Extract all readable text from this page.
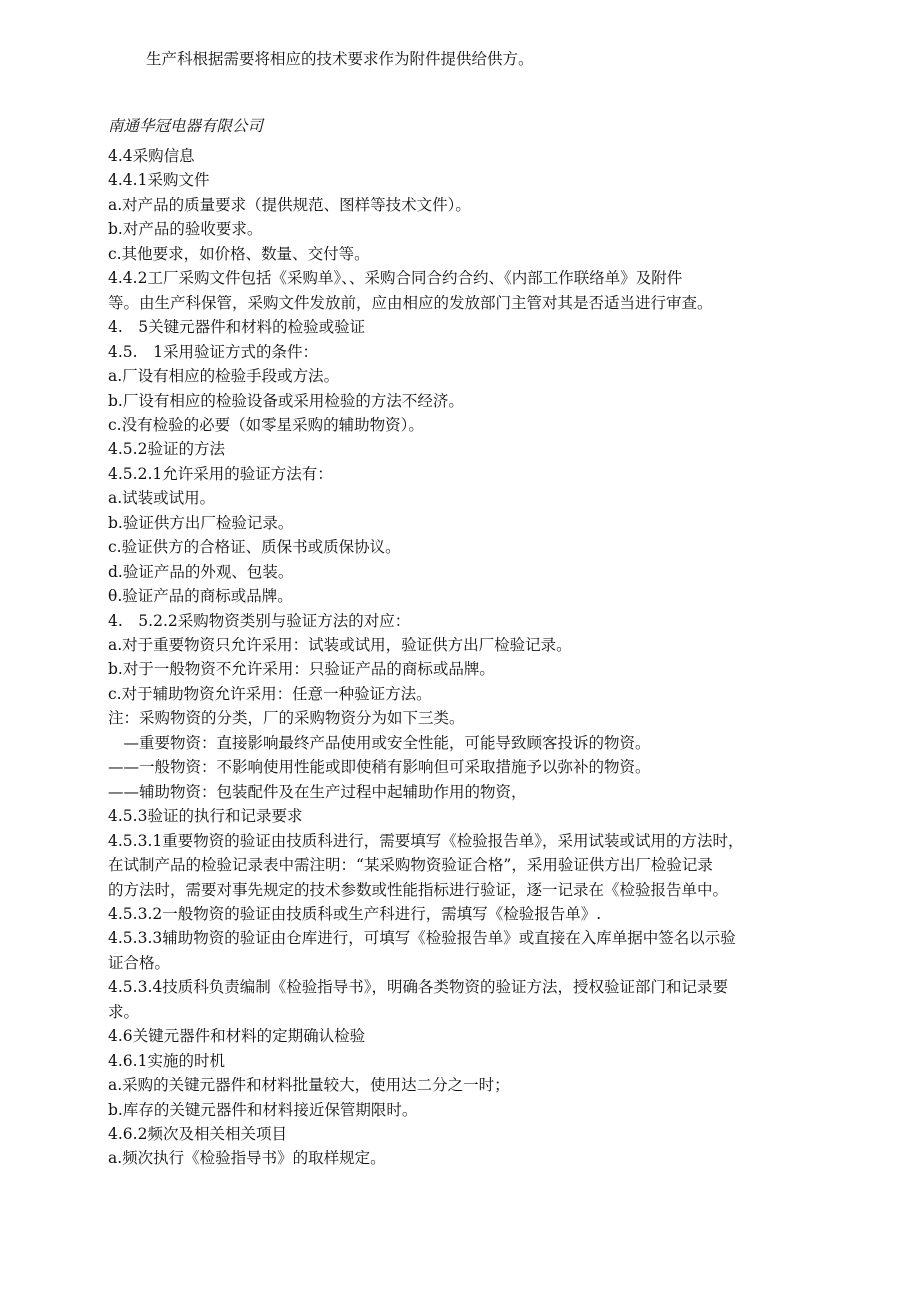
生产科根据需要将相应的技术要求作为附件提供给供方。

南通华冠电器有限公司

4.4采购信息

4.4.1采购文件

a.对产品的质量要求（提供规范、图样等技术文件）。

b.对产品的验收要求。

c.其他要求，如价格、数量、交付等。

4.4.2工厂采购文件包括《采购单》、、采购合同合约合约、《内部工作联络单》及附件

等。由生产科保管，采购文件发放前，应由相应的发放部门主管对其是否适当进行审查。

4.　5关键元器件和材料的检验或验证

4.5.　1采用验证方式的条件：

a.厂设有相应的检验手段或方法。

b.厂设有相应的检验设备或采用检验的方法不经济。

c.没有检验的必要（如零星采购的辅助物资）。

4.5.2验证的方法

4.5.2.1允许采用的验证方法有：

a.试装或试用。

b.验证供方出厂检验记录。

c.验证供方的合格证、质保书或质保协议。

d.验证产品的外观、包装。

θ.验证产品的商标或品牌。

4.　5.2.2采购物资类别与验证方法的对应：

a.对于重要物资只允许采用：试装或试用，验证供方出厂检验记录。

b.对于一般物资不允许采用：只验证产品的商标或品牌。

c.对于辅助物资允许采用：任意一种验证方法。

注：采购物资的分类，厂的采购物资分为如下三类。

　—重要物资：直接影响最终产品使用或安全性能，可能导致顾客投诉的物资。

——一般物资：不影响使用性能或即使稍有影响但可采取措施予以弥补的物资。

——辅助物资：包装配件及在生产过程中起辅助作用的物资，

4.5.3验证的执行和记录要求

4.5.3.1重要物资的验证由技质科进行，需要填写《检验报告单》，采用试装或试用的方法时，

在试制产品的检验记录表中需注明：“某采购物资验证合格”，采用验证供方出厂检验记录

的方法时，需要对事先规定的技术参数或性能指标进行验证，逐一记录在《检验报告单中。

4.5.3.2一般物资的验证由技质科或生产科进行，需填写《检验报告单》.

4.5.3.3辅助物资的验证由仓库进行，可填写《检验报告单》或直接在入库单据中签名以示验

证合格。

4.5.3.4技质科负责编制《检验指导书》，明确各类物资的验证方法，授权验证部门和记录要

求。

4.6关键元器件和材料的定期确认检验

4.6.1实施的时机

a.采购的关键元器件和材料批量较大，使用达二分之一时；

b.库存的关键元器件和材料接近保管期限时。

4.6.2频次及相关相关项目

a.频次执行《检验指导书》的取样规定。
